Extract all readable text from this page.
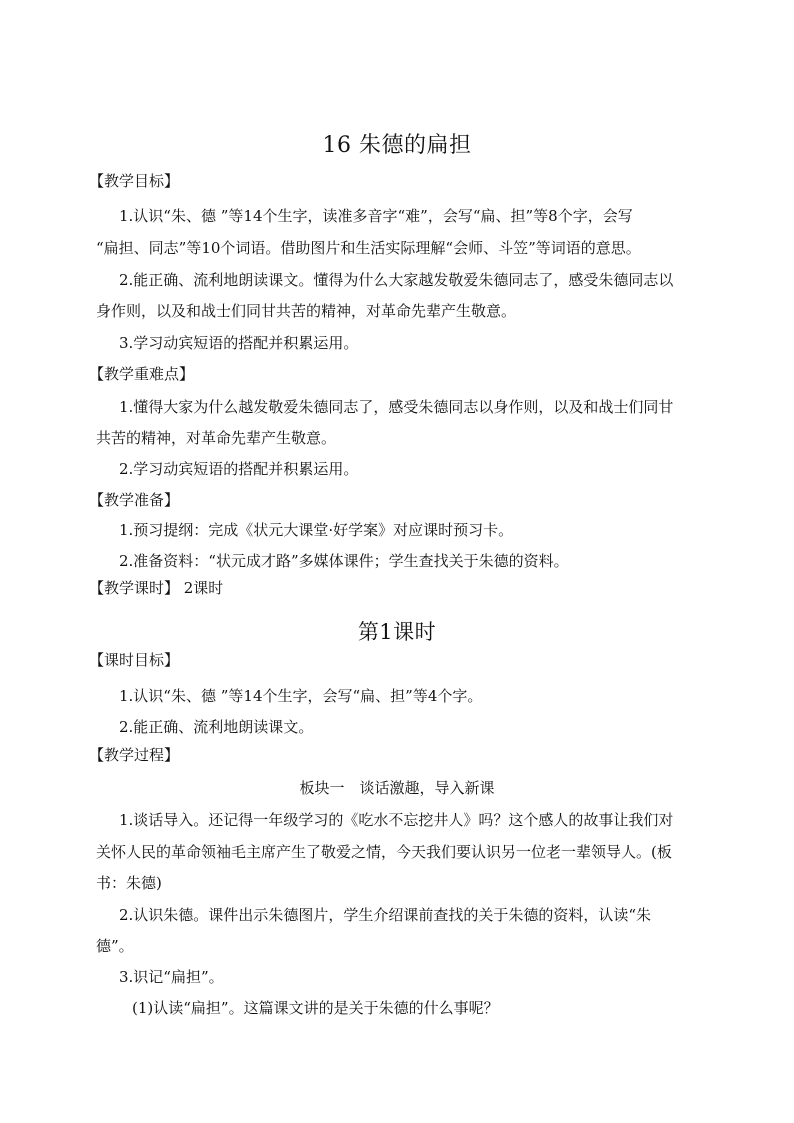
16 朱德的扁担
【教学目标】
1.认识“朱、德 ”等14个生字，读准多音字“难”，会写“扁、担”等8个字，会写
“扁担、同志”等10个词语。借助图片和生活实际理解“会师、斗笠”等词语的意思。
2.能正确、流利地朗读课文。懂得为什么大家越发敬爱朱德同志了，感受朱德同志以
身作则，以及和战士们同甘共苦的精神，对革命先辈产生敬意。
3.学习动宾短语的搭配并积累运用。
【教学重难点】
1.懂得大家为什么越发敬爱朱德同志了，感受朱德同志以身作则，以及和战士们同甘
共苦的精神，对革命先辈产生敬意。
2.学习动宾短语的搭配并积累运用。
【教学准备】
1.预习提纲：完成《状元大课堂·好学案》对应课时预习卡。
2.准备资料：“状元成才路”多媒体课件；学生查找关于朱德的资料。
【教学课时】 2课时
第1课时
【课时目标】
1.认识“朱、德 ”等14个生字，会写“扁、担”等4个字。
2.能正确、流利地朗读课文。
【教学过程】
板块一　谈话激趣，导入新课
1.谈话导入。还记得一年级学习的《吃水不忘挖井人》吗？这个感人的故事让我们对
关怀人民的革命领袖毛主席产生了敬爱之情，今天我们要认识另一位老一辈领导人。(板
书：朱德)
2.认识朱德。课件出示朱德图片，学生介绍课前查找的关于朱德的资料，认读“朱
德”。
3.识记“扁担”。
(1)认读“扁担”。这篇课文讲的是关于朱德的什么事呢？
